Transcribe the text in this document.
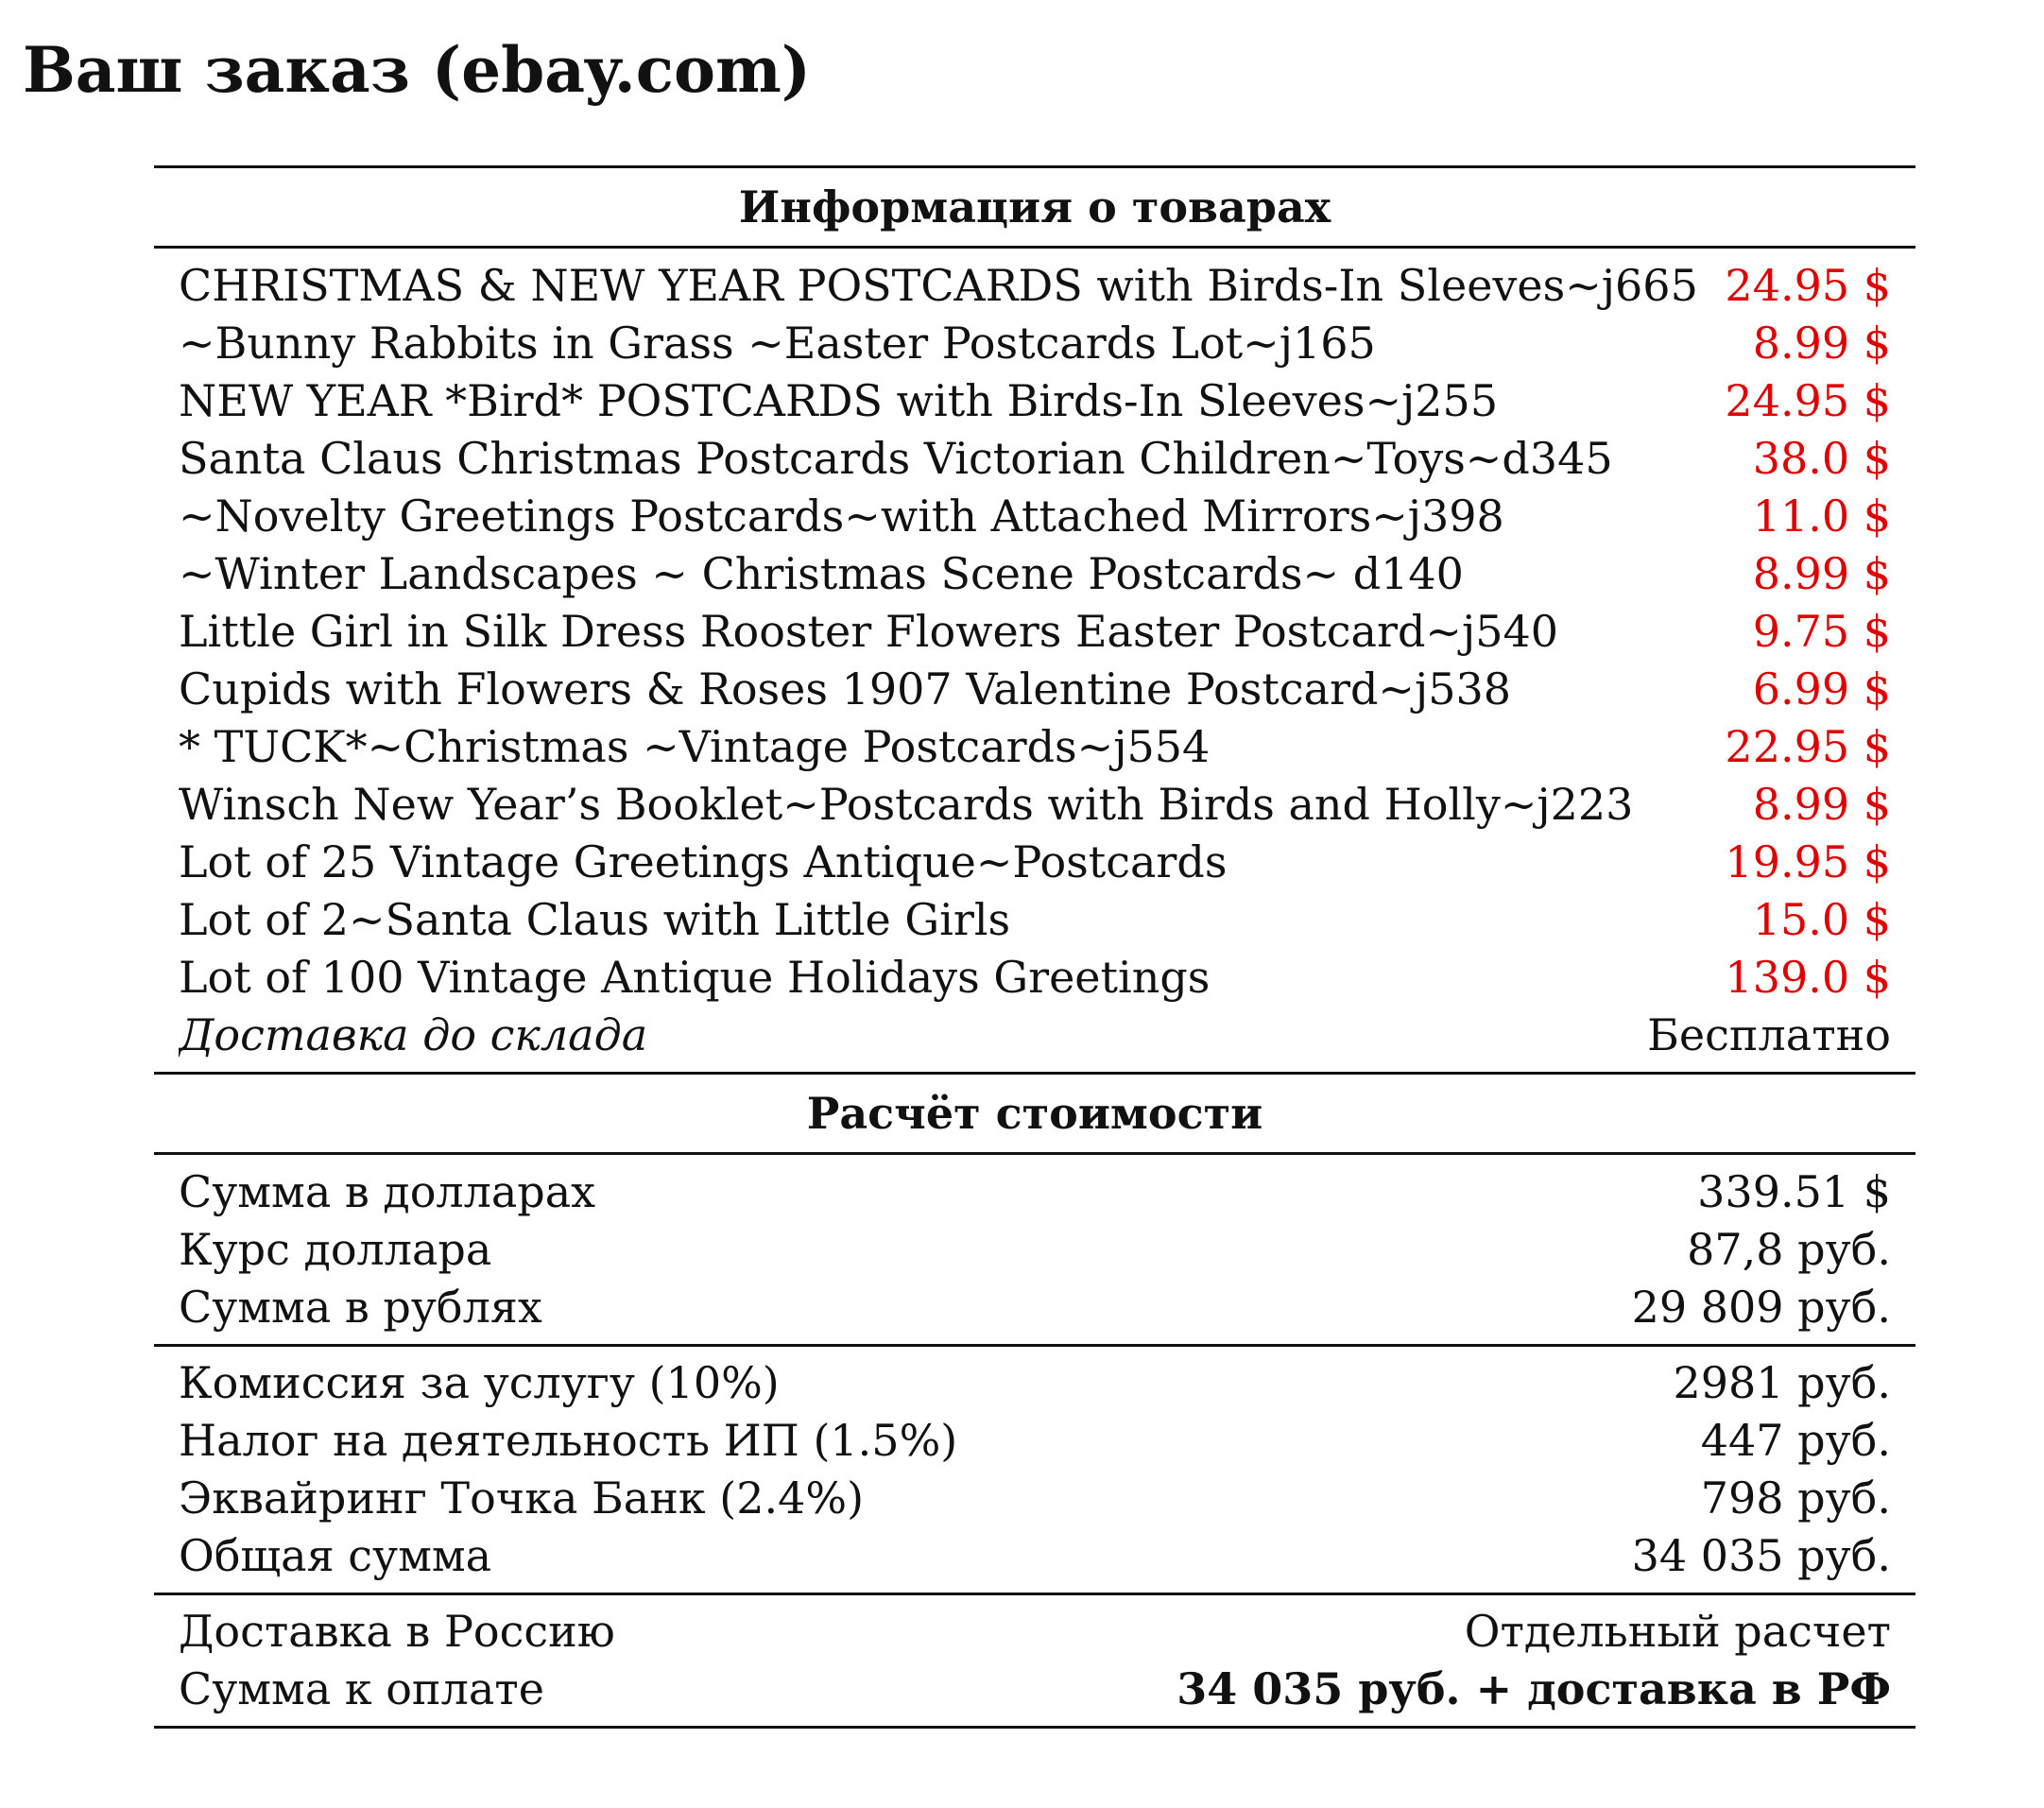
Ваш заказ (ebay.com)
Информация о товарах
CHRISTMAS & NEW YEAR POSTCARDS with Birds-In Sleeves~j665 24.95 $
~Bunny Rabbits in Grass ~Easter Postcards Lot~j165	8.99 $
NEW YEAR *Bird* POSTCARDS with Birds-In Sleeves~j255	24.95 $
Santa Claus Christmas Postcards Victorian Children~Toys~d345	38.0 $
~Novelty Greetings Postcards~with Attached Mirrors~j398	11.0 $
~Winter Landscapes ~ Christmas Scene Postcards~ d140	8.99 $
Little Girl in Silk Dress Rooster Flowers Easter Postcard~j540	9.75 $
Cupids with Flowers & Roses 1907 Valentine Postcard~j538	6.99 $
* TUCK*~Christmas ~Vintage Postcards~j554	22.95 $
Winsch New Year’s Booklet~Postcards with Birds and Holly~j223	8.99 $
Lot of 25 Vintage Greetings Antique~Postcards	19.95 $
Lot of 2~Santa Claus with Little Girls	15.0 $
Lot of 100 Vintage Antique Holidays Greetings	139.0 $
Доставка до склада	Бесплатно
Расчёт стоимости
Сумма в долларах	339.51 $
Курс доллара	87,8 руб.
Сумма в рублях	29 809 руб.
Комиссия за услугу (10%)	2981 руб.
Налог на деятельность ИП (1.5%)	447 руб.
Эквайринг Точка Банк (2.4%)	798 руб.
Общая сумма	34 035 руб.
Доставка в Россию	Отдельный расчет
Сумма к оплате	34 035 руб. + доставка в РФ
